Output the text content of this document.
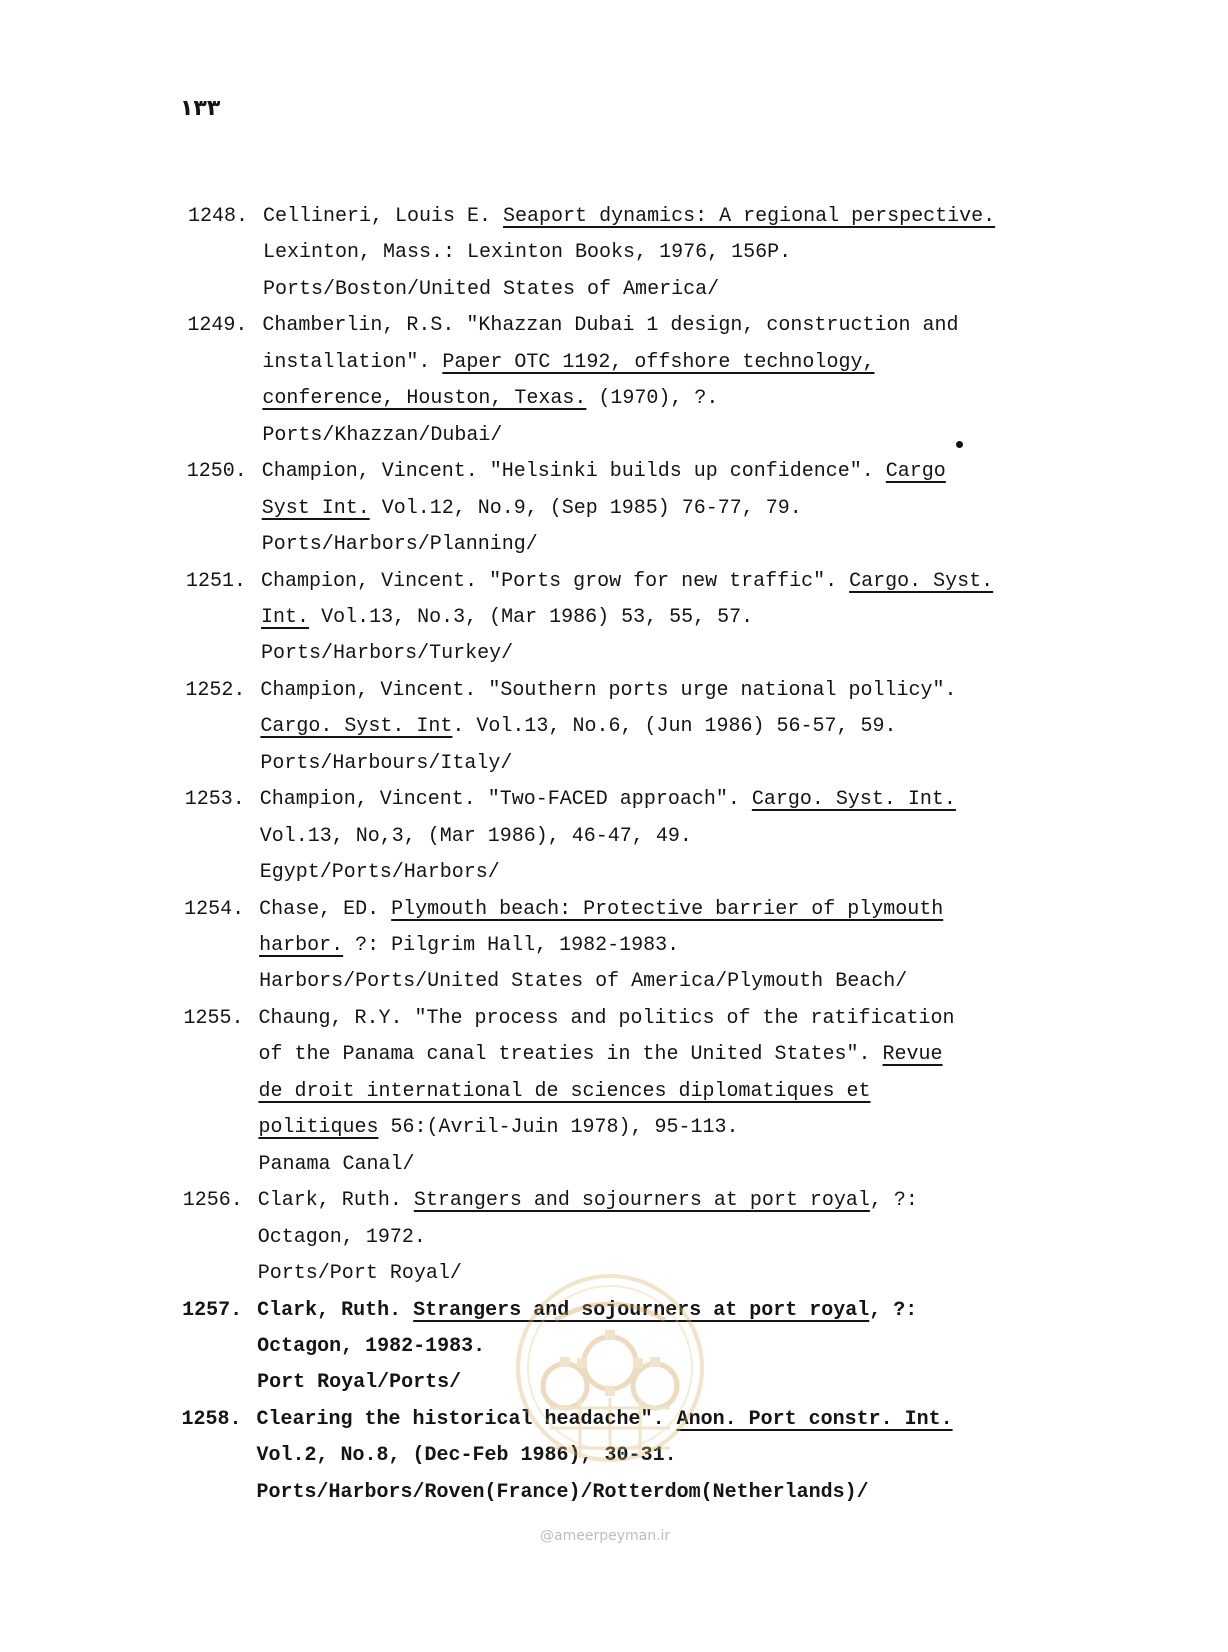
۱۳۳
1248. Cellineri, Louis E. Seaport dynamics: A regional perspective.
Lexinton, Mass.: Lexinton Books, 1976, 156P.
Ports/Boston/United States of America/
1249. Chamberlin, R.S. "Khazzan Dubai 1 design, construction and
installation". Paper OTC 1192, offshore technology,
conference, Houston, Texas. (1970), ?.
Ports/Khazzan/Dubai/
1250. Champion, Vincent. "Helsinki builds up confidence". Cargo
Syst Int. Vol.12, No.9, (Sep 1985) 76-77, 79.
Ports/Harbors/Planning/
1251. Champion, Vincent. "Ports grow for new traffic". Cargo. Syst.
Int. Vol.13, No.3, (Mar 1986) 53, 55, 57.
Ports/Harbors/Turkey/
1252. Champion, Vincent. "Southern ports urge national pollicy".
Cargo. Syst. Int. Vol.13, No.6, (Jun 1986) 56-57, 59.
Ports/Harbours/Italy/
1253. Champion, Vincent. "Two-FACED approach". Cargo. Syst. Int.
Vol.13, No,3, (Mar 1986), 46-47, 49.
Egypt/Ports/Harbors/
1254. Chase, ED. Plymouth beach: Protective barrier of plymouth
harbor. ?: Pilgrim Hall, 1982-1983.
Harbors/Ports/United States of America/Plymouth Beach/
1255. Chaung, R.Y. "The process and politics of the ratification
of the Panama canal treaties in the United States". Revue
de droit international de sciences diplomatiques et
politiques 56:(Avril-Juin 1978), 95-113.
Panama Canal/
1256. Clark, Ruth. Strangers and sojourners at port royal, ?:
Octagon, 1972.
Ports/Port Royal/
1257. Clark, Ruth. Strangers and sojourners at port royal, ?:
Octagon, 1982-1983.
Port Royal/Ports/
1258. Clearing the historical headache". Anon. Port constr. Int.
Vol.2, No.8, (Dec-Feb 1986), 30-31.
Ports/Harbors/Roven(France)/Rotterdom(Netherlands)/
@ameerpeyman.ir
